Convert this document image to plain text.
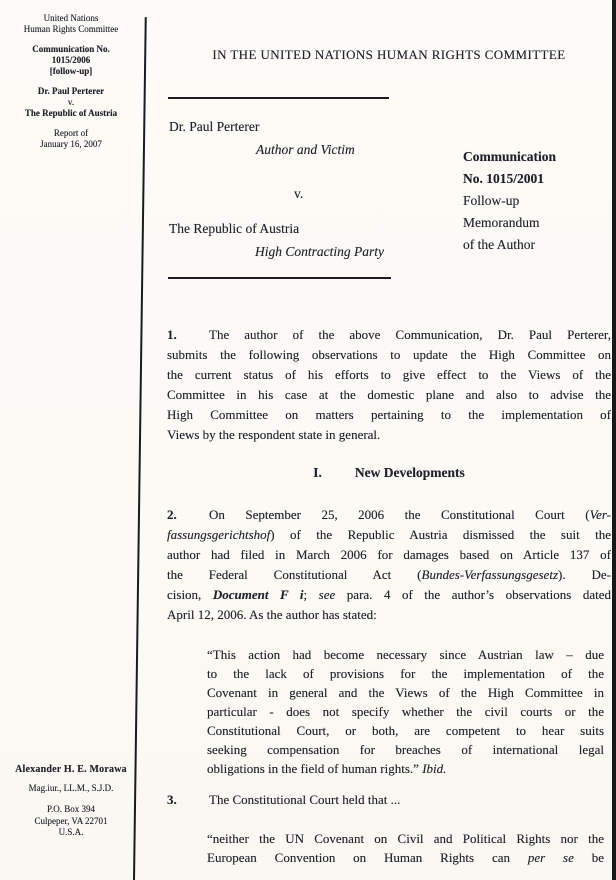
United Nations
Human Rights Committee
Communication No.
1015/2006
[follow-up]
Dr. Paul Perterer
v.
The Republic of Austria
Report of
January 16, 2007
Alexander H. E. Morawa
Mag.iur., LL.M., S.J.D.
P.O. Box 394
Culpeper, VA 22701
U.S.A.
IN THE UNITED NATIONS HUMAN RIGHTS COMMITTEE
Dr. Paul Perterer
Author and Victim
v.
The Republic of Austria
High Contracting Party
Communication
No. 1015/2001
Follow-up
Memorandum
of the Author
1. The author of the above Communication, Dr. Paul Perterer,
submits the following observations to update the High Committee on
the current status of his efforts to give effect to the Views of the
Committee in his case at the domestic plane and also to advise the
High Committee on matters pertaining to the implementation of
Views by the respondent state in general.
I. New Developments
2. On September 25, 2006 the Constitutional Court (Ver-
fassungsgerichtshof) of the Republic Austria dismissed the suit the
author had filed in March 2006 for damages based on Article 137 of
the Federal Constitutional Act (Bundes-Verfassungsgesetz). De-
cision, Document F i; see para. 4 of the author’s observations dated
April 12, 2006. As the author has stated:
“This action had become necessary since Austrian law – due
to the lack of provisions for the implementation of the
Covenant in general and the Views of the High Committee in
particular - does not specify whether the civil courts or the
Constitutional Court, or both, are competent to hear suits
seeking compensation for breaches of international legal
obligations in the field of human rights.” Ibid.
3. The Constitutional Court held that ...
“neither the UN Covenant on Civil and Political Rights nor the
European Convention on Human Rights can per se be
